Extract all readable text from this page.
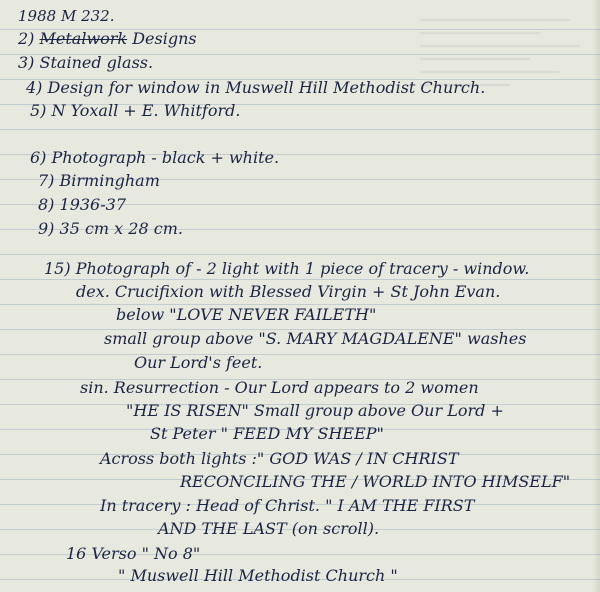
1988 M 232.
2) Metalwork Designs
3) Stained glass.
4) Design for window in Muswell Hill Methodist Church.
5) N Yoxall + E. Whitford.
6) Photograph - black + white.
7) Birmingham
8) 1936-37
9) 35 cm x 28 cm.
15) Photograph of - 2 light with 1 piece of tracery - window.
dex. Crucifixion with Blessed Virgin + St John Evan.
below "LOVE NEVER FAILETH"
small group above "S. MARY MAGDALENE" washes
Our Lord's feet.
sin. Resurrection - Our Lord appears to 2 women
"HE IS RISEN" Small group above Our Lord +
St Peter " FEED MY SHEEP"
Across both lights :" GOD WAS / IN CHRIST
RECONCILING THE / WORLD INTO HIMSELF"
In tracery : Head of Christ. " I AM THE FIRST
AND THE LAST (on scroll).
16 Verso " No 8"
" Muswell Hill Methodist Church "
